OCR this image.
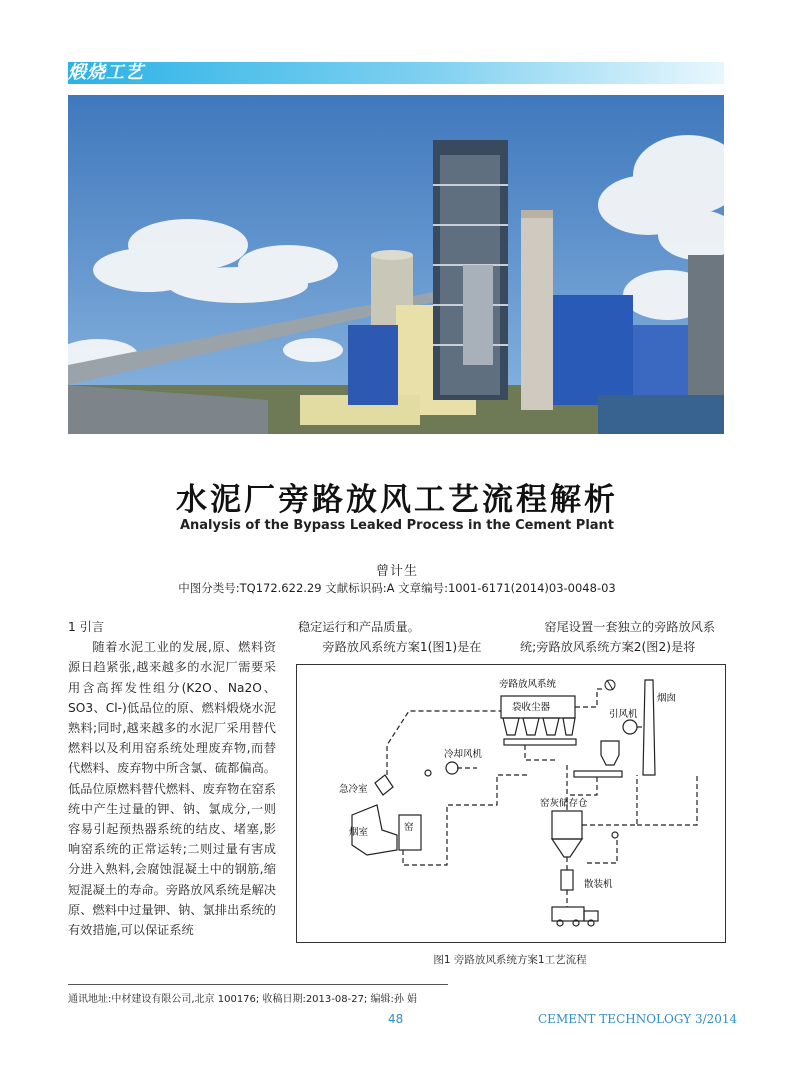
煅烧工艺
水泥厂旁路放风工艺流程解析
Analysis of the Bypass Leaked Process in the Cement Plant
曾计生
中图分类号:TQ172.622.29 文献标识码:A 文章编号:1001-6171(2014)03-0048-03
1 引言

随着水泥工业的发展,原、燃料资源日趋紧张,越来越多的水泥厂需要采用含高挥发性组分(K2O、Na2O、SO3、Cl-)低品位的原、燃料煅烧水泥熟料;同时,越来越多的水泥厂采用替代燃料以及利用窑系统处理废弃物,而替代燃料、废弃物中所含氯、硫都偏高。低品位原燃料替代燃料、废弃物在窑系统中产生过量的钾、钠、氯成分,一则容易引起预热器系统的结皮、堵塞,影响窑系统的正常运转;二则过量有害成分进入熟料,会腐蚀混凝土中的钢筋,缩短混凝土的寿命。旁路放风系统是解决原、燃料中过量钾、钠、氯排出系统的有效措施,可以保证系统

稳定运行和产品质量。

旁路放风系统方案1(图1)是在

窑尾设置一套独立的旁路放风系

统;旁路放风系统方案2(图2)是将

旁路放风系统
袋收尘器
烟囱
引风机
冷却风机
急冷室
烟室	窑
窑灰储存仓
散装机
图1 旁路放风系统方案1工艺流程
通讯地址:中材建设有限公司,北京 100176; 收稿日期:2013-08-27; 编辑:孙 娟
48	CEMENT TECHNOLOGY 3/2014
